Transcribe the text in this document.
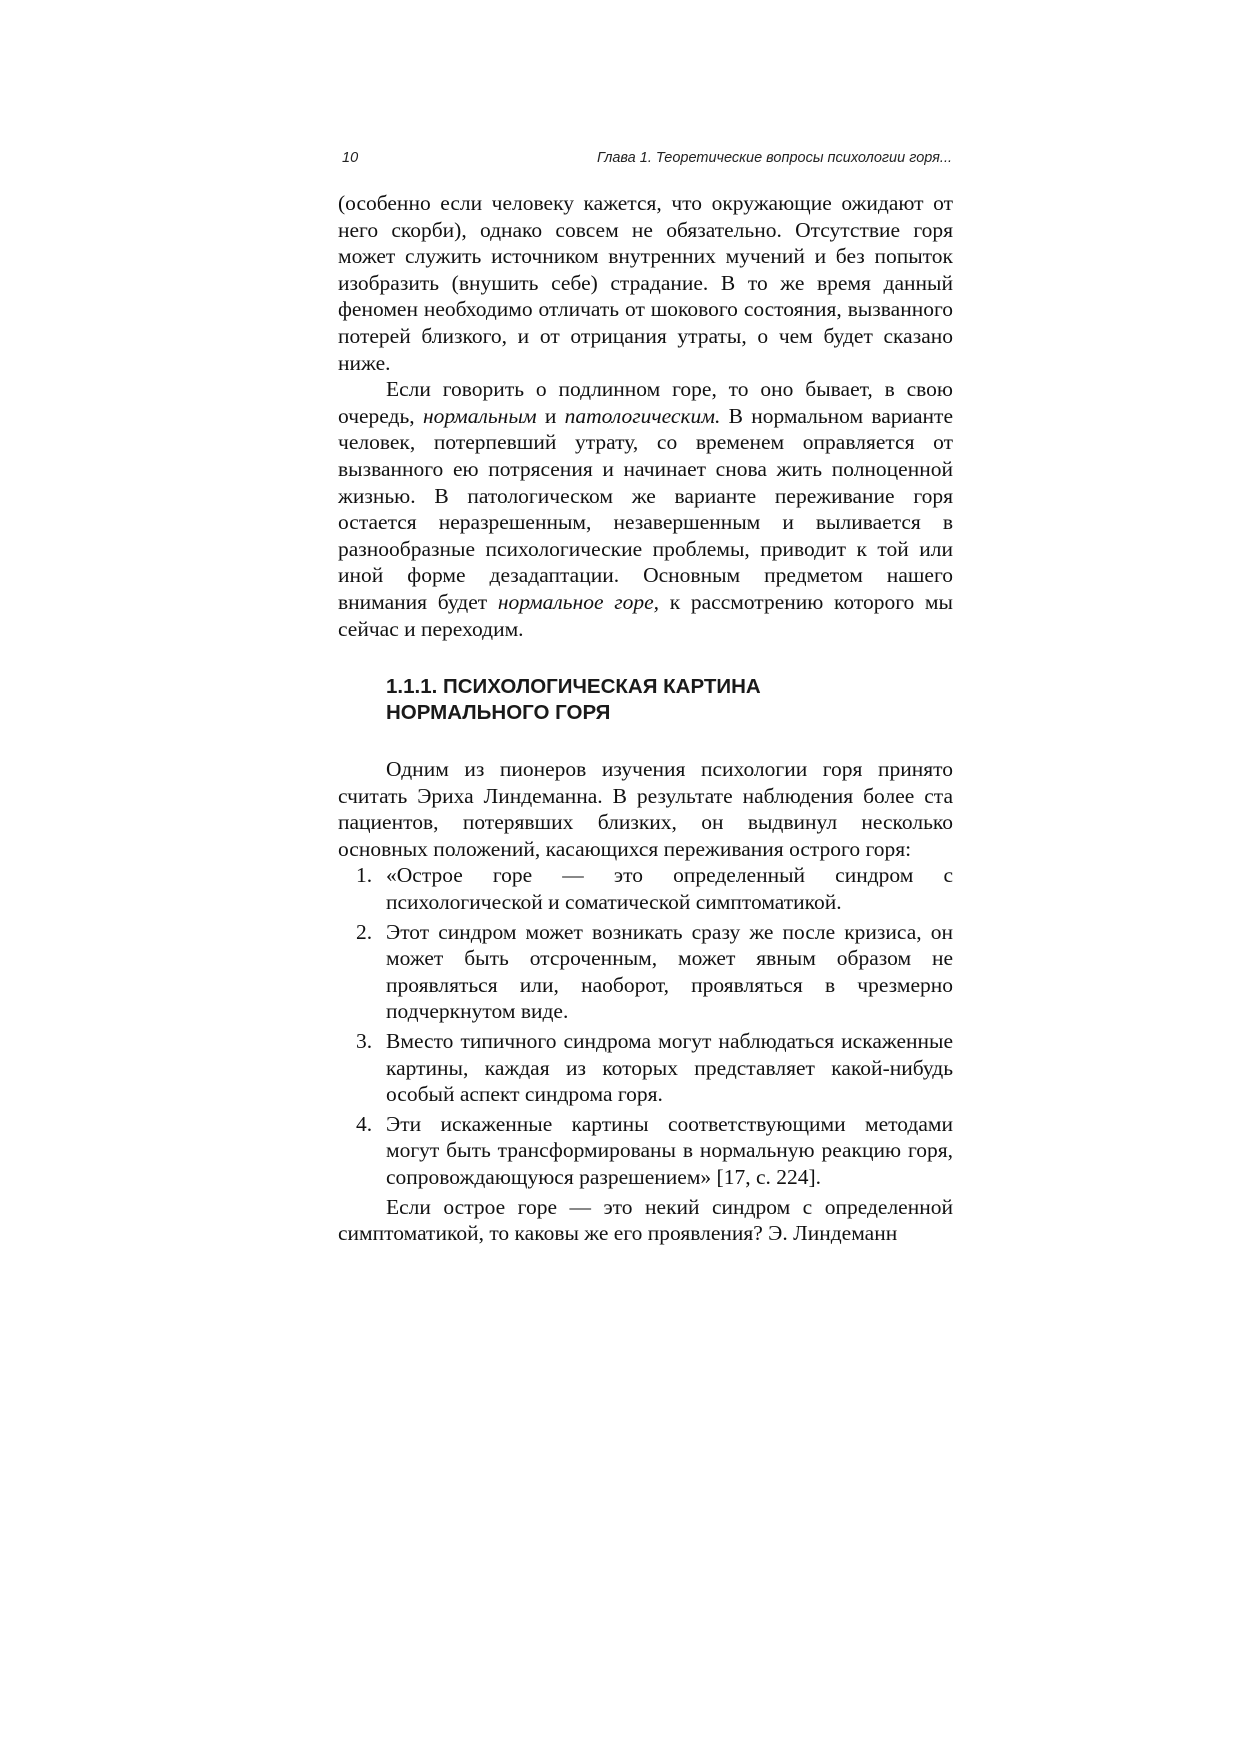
10	Глава 1. Теоретические вопросы психологии горя...

(особенно если человеку кажется, что окружающие ожидают от него скорби), однако совсем не обязательно. Отсутствие горя может служить источником внутренних мучений и без попыток изобразить (внушить себе) страдание. В то же время данный феномен необходимо отличать от шокового состояния, вызванного потерей близкого, и от отрицания утраты, о чем будет сказано ниже.

Если говорить о подлинном горе, то оно бывает, в свою очередь, нормальным и патологическим. В нормальном варианте человек, потерпевший утрату, со временем оправляется от вызванного ею потрясения и начинает снова жить полноценной жизнью. В патологическом же варианте переживание горя остается неразрешенным, незавершенным и выливается в разнообразные психологические проблемы, приводит к той или иной форме дезадаптации. Основным предметом нашего внимания будет нормальное горе, к рассмотрению которого мы сейчас и переходим.

1.1.1. ПСИХОЛОГИЧЕСКАЯ КАРТИНА
НОРМАЛЬНОГО ГОРЯ

Одним из пионеров изучения психологии горя принято считать Эриха Линдеманна. В результате наблюдения более ста пациентов, потерявших близких, он выдвинул несколько основных положений, касающихся переживания острого горя:

1. «Острое горе — это определенный синдром с психологической и соматической симптоматикой.
2. Этот синдром может возникать сразу же после кризиса, он может быть отсроченным, может явным образом не проявляться или, наоборот, проявляться в чрезмерно подчеркнутом виде.
3. Вместо типичного синдрома могут наблюдаться искаженные картины, каждая из которых представляет какой-нибудь особый аспект синдрома горя.
4. Эти искаженные картины соответствующими методами могут быть трансформированы в нормальную реакцию горя, сопровождающуюся разрешением» [17, с. 224].

Если острое горе — это некий синдром с определенной симптоматикой, то каковы же его проявления? Э. Линдеманн
